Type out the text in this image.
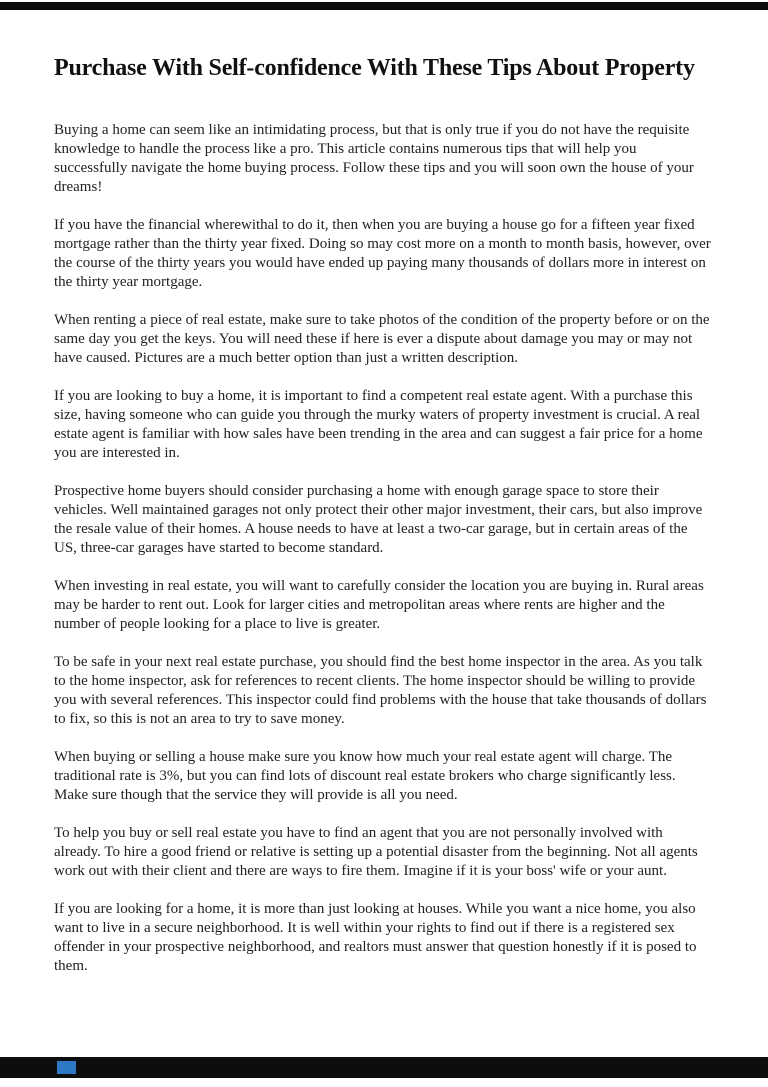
Purchase With Self-confidence With These Tips About Property

Buying a home can seem like an intimidating process, but that is only true if you do not have the requisite knowledge to handle the process like a pro. This article contains numerous tips that will help you successfully navigate the home buying process. Follow these tips and you will soon own the house of your dreams!

If you have the financial wherewithal to do it, then when you are buying a house go for a fifteen year fixed mortgage rather than the thirty year fixed. Doing so may cost more on a month to month basis, however, over the course of the thirty years you would have ended up paying many thousands of dollars more in interest on the thirty year mortgage.

When renting a piece of real estate, make sure to take photos of the condition of the property before or on the same day you get the keys. You will need these if here is ever a dispute about damage you may or may not have caused. Pictures are a much better option than just a written description.

If you are looking to buy a home, it is important to find a competent real estate agent. With a purchase this size, having someone who can guide you through the murky waters of property investment is crucial. A real estate agent is familiar with how sales have been trending in the area and can suggest a fair price for a home you are interested in.

Prospective home buyers should consider purchasing a home with enough garage space to store their vehicles. Well maintained garages not only protect their other major investment, their cars, but also improve the resale value of their homes. A house needs to have at least a two-car garage, but in certain areas of the US, three-car garages have started to become standard.

When investing in real estate, you will want to carefully consider the location you are buying in. Rural areas may be harder to rent out. Look for larger cities and metropolitan areas where rents are higher and the number of people looking for a place to live is greater.

To be safe in your next real estate purchase, you should find the best home inspector in the area. As you talk to the home inspector, ask for references to recent clients. The home inspector should be willing to provide you with several references. This inspector could find problems with the house that take thousands of dollars to fix, so this is not an area to try to save money.

When buying or selling a house make sure you know how much your real estate agent will charge. The traditional rate is 3%, but you can find lots of discount real estate brokers who charge significantly less. Make sure though that the service they will provide is all you need.

To help you buy or sell real estate you have to find an agent that you are not personally involved with already. To hire a good friend or relative is setting up a potential disaster from the beginning. Not all agents work out with their client and there are ways to fire them. Imagine if it is your boss' wife or your aunt.

If you are looking for a home, it is more than just looking at houses. While you want a nice home, you also want to live in a secure neighborhood. It is well within your rights to find out if there is a registered sex offender in your prospective neighborhood, and realtors must answer that question honestly if it is posed to them.
